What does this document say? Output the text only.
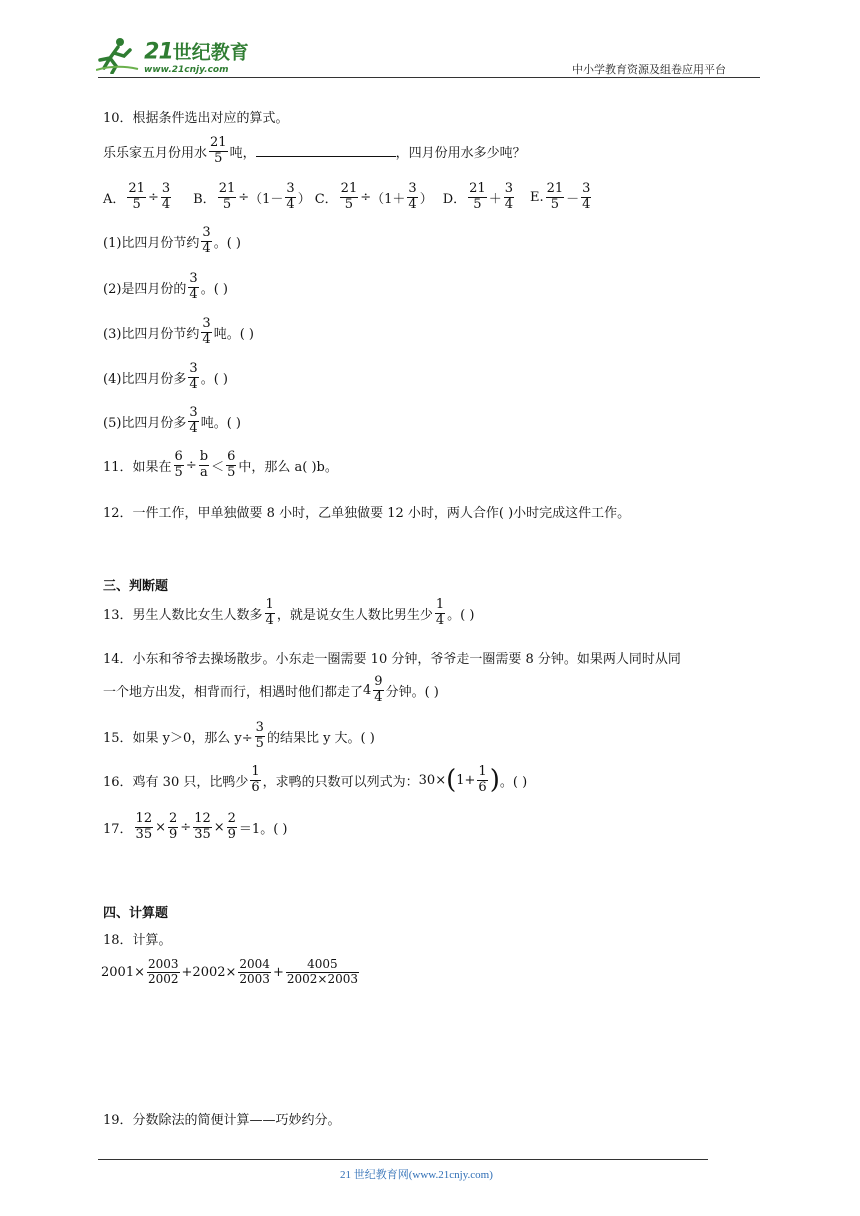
21世纪教育
www.21cnjy.com	中小学教育资源及组卷应用平台
10．根据条件选出对应的算式。
乐乐家五月份用水 $\frac{21}{5}$ 吨，	，四月份用水多少吨？
A． $\frac{21}{5} \div \frac{3}{4}$ B． $\frac{21}{5} \div (1- \frac{3}{4}$ ） C． $\frac{21}{5} \div (1+ \frac{3}{4}$ ） D． $\frac{21}{5} + \frac{3}{4} E$. $\frac{21}{5} - \frac{3}{4}$
(1)比四月份节约 $\frac{3}{4}$ 。( )
(2)是四月份的 $\frac{3}{4}$ 。( )
(3)比四月份节约 $\frac{3}{4}$ 吨。( )
(4)比四月份多 $\frac{3}{4}$ 。( )
(5)比四月份多 $\frac{3}{4}$ 吨。( )
11．如果在 $\frac{6}{5} \div \frac{b}{a} < \frac{6}{5}$ 中，那么 a( )b。
12．一件工作，甲单独做要 8 小时，乙单独做要 12 小时，两人合作( )小时完成这件工作。
三、判断题
13．男生人数比女生人数多 $\frac{1}{4}$ ，就是说女生人数比男生少 $\frac{1}{4}$ 。( )
14．小东和爷爷去操场散步。小东走一圈需要 10 分钟，爷爷走一圈需要 8 分钟。如果两人同时从同
一个地方出发，相背而行，相遇时他们都走了 $4 \frac{9}{4}$ 分钟。( )
15．如果 y＞0，那么 $y\div \frac{3}{5}$ 的结果比 y 大。( )
16．鸡有 30 只，比鸭少 $\frac{1}{6}$ ，求鸭的只数可以列式为： 30× ( $1+ \frac{1}{6}$ ) 。( )
17． $\frac{12}{35} \times \frac{2}{9} \div \frac{12}{35} \times \frac{2}{9} =1$。( )
四、计算题
18．计算。
$2001\times \frac{2003}{2002} +2002\times \frac{2004}{2003} + \frac{4005}{2002\times 2003}$
19．分数除法的简便计算——巧妙约分。
21 世纪教育网(www.21cnjy.com)
